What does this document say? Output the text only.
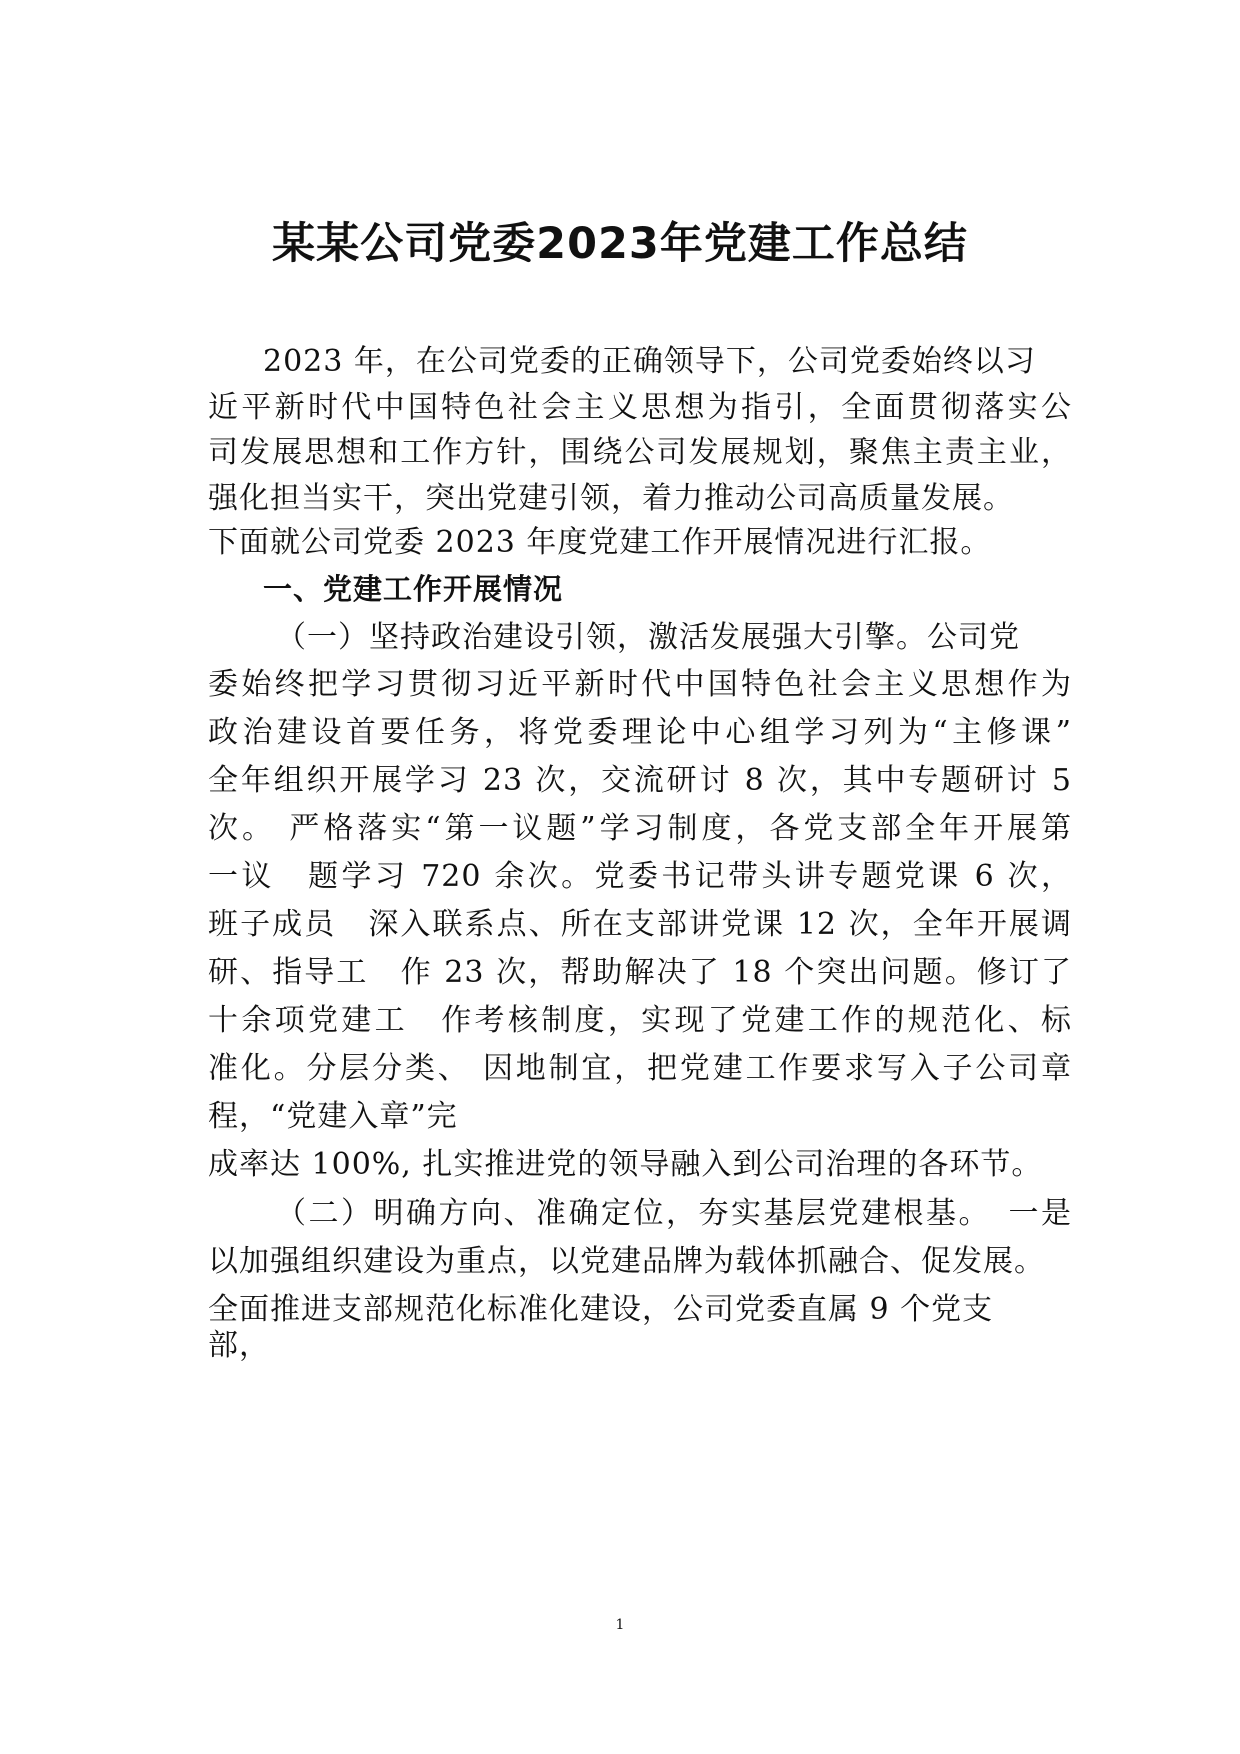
某某公司党委2023年党建工作总结
2023 年，在公司党委的正确领导下，公司党委始终以习
近平新时代中国特色社会主义思想为指引，全面贯彻落实公
司发展思想和工作方针，围绕公司发展规划，聚焦主责主业，
强化担当实干，突出党建引领，着力推动公司高质量发展。
下面就公司党委 2023 年度党建工作开展情况进行汇报。
一、党建工作开展情况
（一）坚持政治建设引领，激活发展强大引擎。公司党
委始终把学习贯彻习近平新时代中国特色社会主义思想作为
政治建设首要任务，将党委理论中心组学习列为“主修课”
全年组织开展学习 23 次，交流研讨 8 次，其中专题研讨 5
次。 严格落实“第一议题”学习制度，各党支部全年开展第
一议　题学习 720 余次。党委书记带头讲专题党课 6 次，
班子成员　深入联系点、所在支部讲党课 12 次，全年开展调
研、指导工　作 23 次，帮助解决了 18 个突出问题。修订了
十余项党建工　作考核制度，实现了党建工作的规范化、标
准化。分层分类、 因地制宜，把党建工作要求写入子公司章
程，“党建入章”完
成率达 100%, 扎实推进党的领导融入到公司治理的各环节。
（二）明确方向、准确定位，夯实基层党建根基。　一是
以加强组织建设为重点，以党建品牌为载体抓融合、促发展。
全面推进支部规范化标准化建设，公司党委直属 9 个党支
部，
1
